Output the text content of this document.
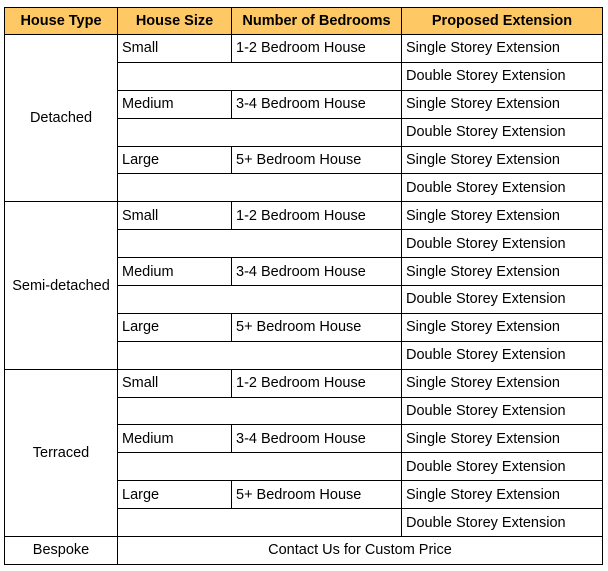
House Type	House Size	Number of Bedrooms	Proposed Extension
Detached	Small	1-2 Bedroom House	Single Storey Extension
			Double Storey Extension
	Medium	3-4 Bedroom House	Single Storey Extension
			Double Storey Extension
	Large	5+ Bedroom House	Single Storey Extension
			Double Storey Extension
Semi-detached	Small	1-2 Bedroom House	Single Storey Extension
			Double Storey Extension
	Medium	3-4 Bedroom House	Single Storey Extension
			Double Storey Extension
	Large	5+ Bedroom House	Single Storey Extension
			Double Storey Extension
Terraced	Small	1-2 Bedroom House	Single Storey Extension
			Double Storey Extension
	Medium	3-4 Bedroom House	Single Storey Extension
			Double Storey Extension
	Large	5+ Bedroom House	Single Storey Extension
			Double Storey Extension
Bespoke	Contact Us for Custom Price		
